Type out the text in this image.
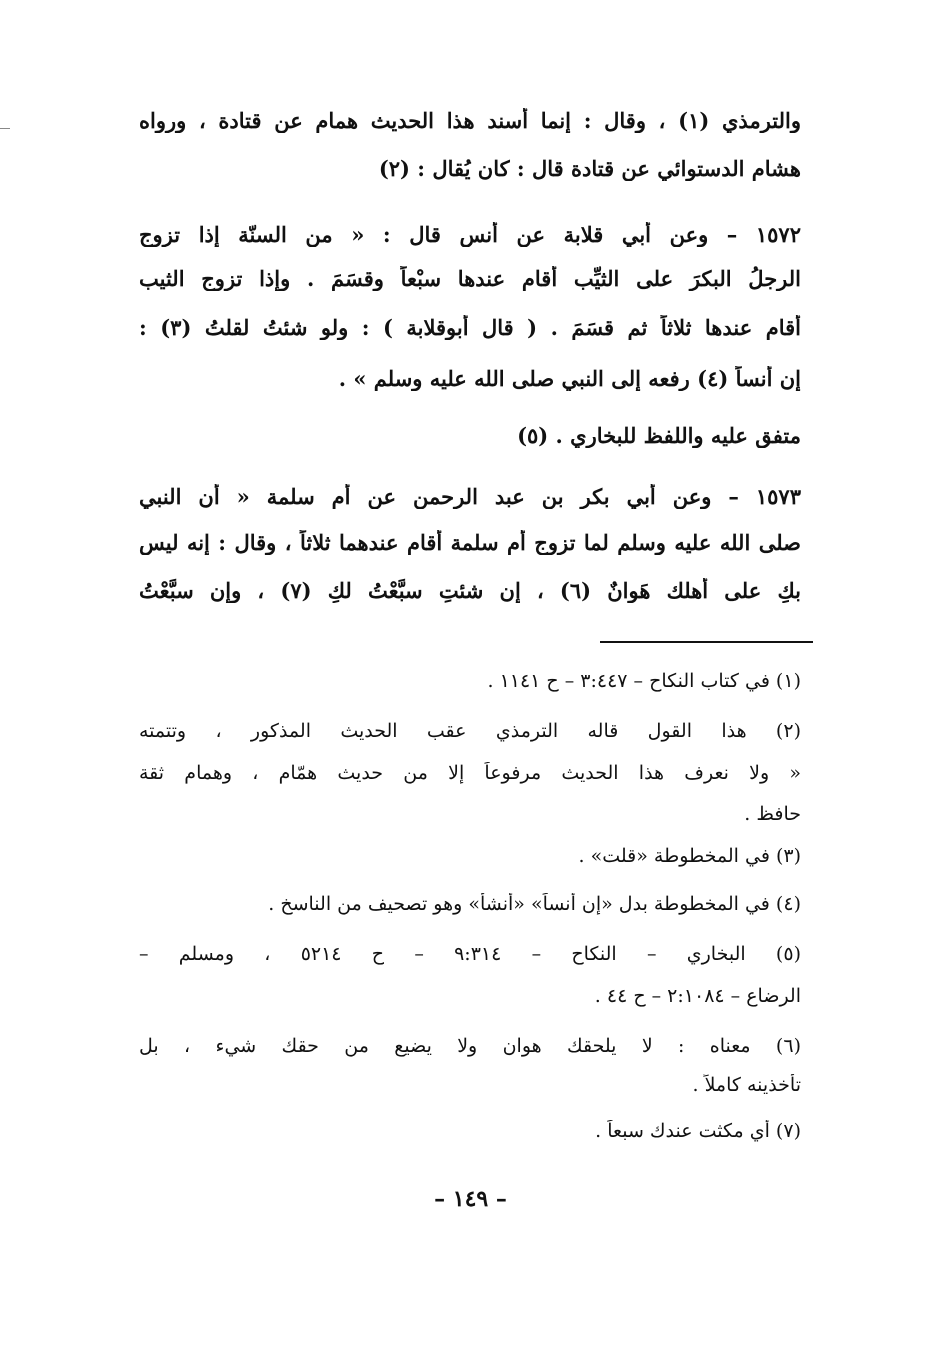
والترمذي (١) ، وقال : إنما أسند هذا الحديث همام عن قتادة ، ورواه
هشام الدستوائي عن قتادة قال : كان يُقال : (٢)
١٥٧٢ – وعن أبي قلابة عن أنس قال : « من السنّة إذا تزوج
الرجلُ البكرَ على الثيِّب أقام عندها سبْعاً وقسَمَ . وإذا تزوج الثيب
أقام عندها ثلاثاً ثم قسَمَ . ( قال أبوقلابة ) : ولو شئتُ لقلتُ (٣) :
إن أنساً (٤) رفعه إلى النبي صلى الله عليه وسلم » .
متفق عليه واللفظ للبخاري . (٥)
١٥٧٣ – وعن أبي بكر بن عبد الرحمن عن أم سلمة « أن النبي
صلى الله عليه وسلم لما تزوج أم سلمة أقام عندهما ثلاثاً ، وقال : إنه ليس
بكِ على أهلك هَوانٌ (٦) ، إن شئتِ سبَّعْتُ لكِ (٧) ، وإن سبَّعْتُ
(١) في كتاب النكاح – ٣:٤٤٧ – ح ١١٤١ .
(٢) هذا القول قاله الترمذي عقب الحديث المذكور ، وتتمته
« ولا نعرف هذا الحديث مرفوعاً إلا من حديث همّام ، وهمام ثقة
حافظ .
(٣) في المخطوطة «قلت» .
(٤) في المخطوطة بدل «إن أنساً» «أنشأ» وهو تصحيف من الناسخ .
(٥) البخاري – النكاح – ٩:٣١٤ – ح ٥٢١٤ ، ومسلم –
الرضاع – ٢:١٠٨٤ – ح ٤٤ .
(٦) معناه : لا يلحقك هوان ولا يضيع من حقك شيء ، بل
تأخذينه كاملاً .
(٧) أي مكثت عندك سبعاً .
– ١٤٩ –
